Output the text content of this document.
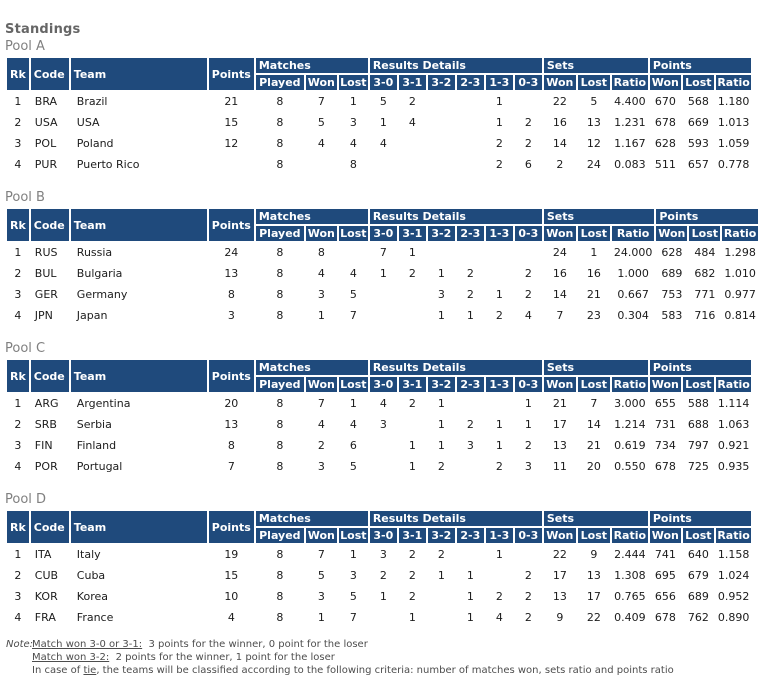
Standings
Pool A
Rk	Code	Team	Points	Matches			Results Details						Sets			Points		
				Played	Won	Lost	3-0	3-1	3-2	2-3	1-3	0-3	Won	Lost	Ratio	Won	Lost	Ratio
1	BRA	Brazil	21	8	7	1	5	2			1		22	5	4.400	670	568	1.180
2	USA	USA	15	8	5	3	1	4			1	2	16	13	1.231	678	669	1.013
3	POL	Poland	12	8	4	4	4				2	2	14	12	1.167	628	593	1.059
4	PUR	Puerto Rico		8		8					2	6	2	24	0.083	511	657	0.778
Pool B
Rk	Code	Team	Points	Matches			Results Details						Sets			Points		
				Played	Won	Lost	3-0	3-1	3-2	2-3	1-3	0-3	Won	Lost	Ratio	Won	Lost	Ratio
1	RUS	Russia	24	8	8		7	1					24	1	24.000	628	484	1.298
2	BUL	Bulgaria	13	8	4	4	1	2	1	2		2	16	16	1.000	689	682	1.010
3	GER	Germany	8	8	3	5			3	2	1	2	14	21	0.667	753	771	0.977
4	JPN	Japan	3	8	1	7			1	1	2	4	7	23	0.304	583	716	0.814
Pool C
Rk	Code	Team	Points	Matches			Results Details						Sets			Points		
				Played	Won	Lost	3-0	3-1	3-2	2-3	1-3	0-3	Won	Lost	Ratio	Won	Lost	Ratio
1	ARG	Argentina	20	8	7	1	4	2	1			1	21	7	3.000	655	588	1.114
2	SRB	Serbia	13	8	4	4	3		1	2	1	1	17	14	1.214	731	688	1.063
3	FIN	Finland	8	8	2	6		1	1	3	1	2	13	21	0.619	734	797	0.921
4	POR	Portugal	7	8	3	5		1	2		2	3	11	20	0.550	678	725	0.935
Pool D
Rk	Code	Team	Points	Matches			Results Details						Sets			Points		
				Played	Won	Lost	3-0	3-1	3-2	2-3	1-3	0-3	Won	Lost	Ratio	Won	Lost	Ratio
1	ITA	Italy	19	8	7	1	3	2	2		1		22	9	2.444	741	640	1.158
2	CUB	Cuba	15	8	5	3	2	2	1	1		2	17	13	1.308	695	679	1.024
3	KOR	Korea	10	8	3	5	1	2		1	2	2	13	17	0.765	656	689	0.952
4	FRA	France	4	8	1	7		1		1	4	2	9	22	0.409	678	762	0.890
Note:
Match won 3-0 or 3-1:  3 points for the winner, 0 point for the loser
Match won 3-2:  2 points for the winner, 1 point for the loser
In case of tie, the teams will be classified according to the following criteria: number of matches won, sets ratio and points ratio
